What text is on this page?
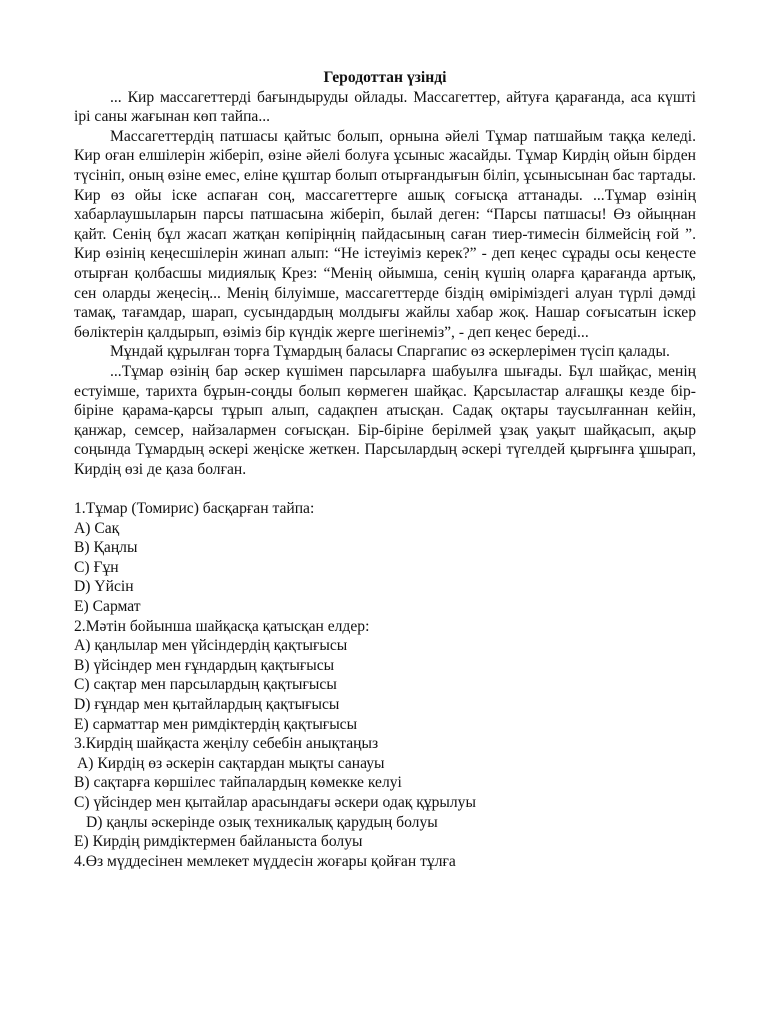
Геродоттан үзінді

... Кир массагеттерді бағындыруды ойлады. Массагеттер, айтуға қарағанда, аса күшті ірі саны жағынан көп тайпа...

Массагеттердің патшасы қайтыс болып, орнына әйелі Тұмар патшайым таққа келеді. Кир оған елшілерін жіберіп, өзіне әйелі болуға ұсыныс жасайды. Тұмар Кирдің ойын бірден түсініп, оның өзіне емес, еліне құштар болып отырғандығын біліп, ұсынысынан бас тартады. Кир өз ойы іске аспаған соң, массагеттерге ашық соғысқа аттанады. ...Тұмар өзінің хабарлаушыларын парсы патшасына жіберіп, былай деген: “Парсы патшасы! Өз ойыңнан қайт. Сенің бұл жасап жатқан көпіріңнің пайдасының саған тиер-тимесін білмейсің ғой ”. Кир өзінің кеңесшілерін жинап алып: “Не істеуіміз керек?” - деп кеңес сұрады осы кеңесте отырған қолбасшы мидиялық Крез: “Менің ойымша, сенің күшің оларға қарағанда артық, сен оларды жеңесің... Менің білуімше, массагеттерде біздің өміріміздегі алуан түрлі дәмді тамақ, тағамдар, шарап, сусындардың молдығы жайлы хабар жоқ. Нашар соғысатын іскер бөліктерін қалдырып, өзіміз бір күндік жерге шегінеміз”, - деп кеңес береді...

Мұндай құрылған торға Тұмардың баласы Спаргапис өз әскерлерімен түсіп қалады.

...Тұмар өзінің бар әскер күшімен парсыларға шабуылға шығады. Бұл шайқас, менің естуімше, тарихта бұрын-соңды болып көрмеген шайқас. Қарсыластар алғашқы кезде бір-біріне қарама-қарсы тұрып алып, садақпен атысқан. Садақ оқтары таусылғаннан кейін, қанжар, семсер, найзалармен соғысқан. Бір-біріне берілмей ұзақ уақыт шайқасып, ақыр соңында Тұмардың әскері жеңіске жеткен. Парсылардың әскері түгелдей қырғынға ұшырап, Кирдің өзі де қаза болған.

1.Тұмар (Томирис) басқарған тайпа:

A) Сақ

B) Қаңлы

C) Ғұн

D) Үйсін

E) Сармат

2.Мәтін бойынша шайқасқа қатысқан елдер:

A) қаңлылар мен үйсіндердің қақтығысы

B) үйсіндер мен ғұндардың қақтығысы

C) сақтар мен парсылардың қақтығысы

D) ғұндар мен қытайлардың қақтығысы

E) сарматтар мен римдіктердің қақтығысы

3.Кирдің шайқаста жеңілу себебін анықтаңыз

A) Кирдің өз әскерін сақтардан мықты санауы

B) сақтарға көршілес тайпалардың көмекке келуі

C) үйсіндер мен қытайлар арасындағы әскери одақ құрылуы

D) қаңлы әскерінде озық техникалық қарудың болуы

E) Кирдің римдіктермен байланыста болуы

4.Өз мүддесінен мемлекет мүддесін жоғары қойған тұлға
